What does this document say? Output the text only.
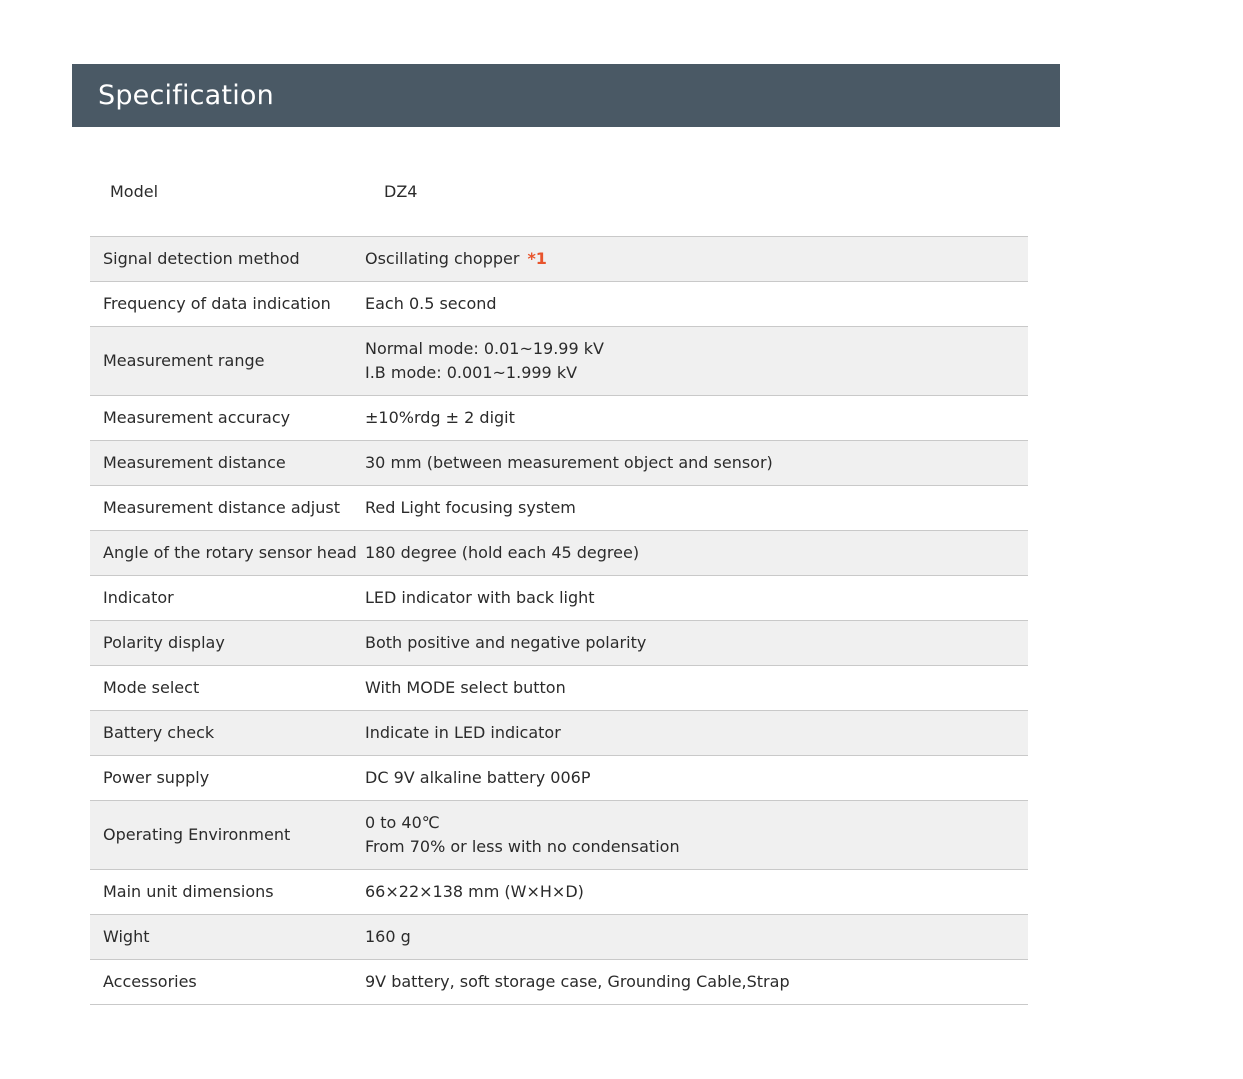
Specification
Model	DZ4
Signal detection method	Oscillating chopper *1
Frequency of data indication	Each 0.5 second
Measurement range	Normal mode: 0.01~19.99 kV
I.B mode: 0.001~1.999 kV

Measurement accuracy	±10%rdg ± 2 digit
Measurement distance	30 mm (between measurement object and sensor)
Measurement distance adjust	Red Light focusing system
Angle of the rotary sensor head	180 degree (hold each 45 degree)
Indicator	LED indicator with back light
Polarity display	Both positive and negative polarity
Mode select	With MODE select button
Battery check	Indicate in LED indicator
Power supply	DC 9V alkaline battery 006P
Operating Environment	0 to 40℃
From 70% or less with no condensation

Main unit dimensions	66×22×138 mm (W×H×D)
Wight	160 g
Accessories	9V battery, soft storage case, Grounding Cable,Strap
